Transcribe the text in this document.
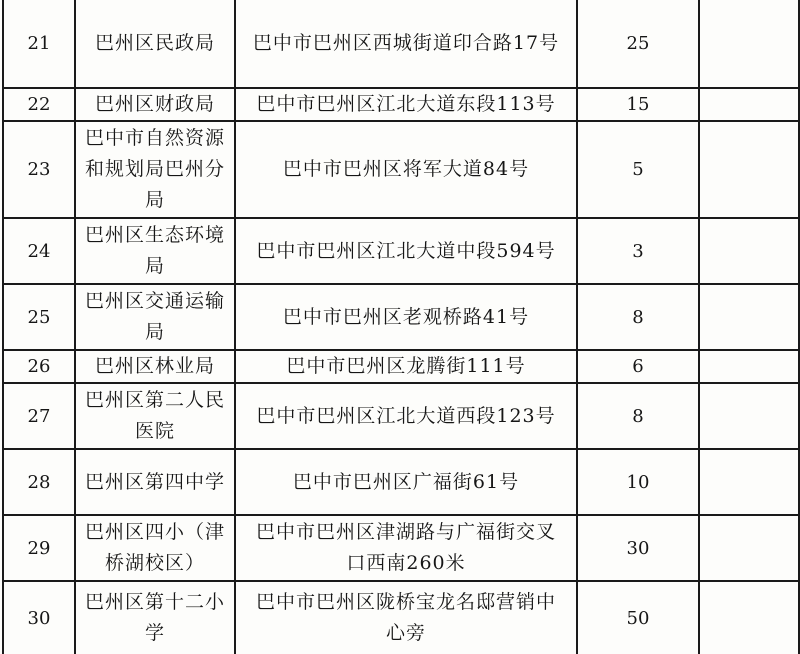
21	巴州区民政局	巴中市巴州区西城街道印合路17号	25	
22	巴州区财政局	巴中市巴州区江北大道东段113号	15	
23	巴中市自然资源和规划局巴州分局	巴中市巴州区将军大道84号	5	
24	巴州区生态环境局	巴中市巴州区江北大道中段594号	3	
25	巴州区交通运输局	巴中市巴州区老观桥路41号	8	
26	巴州区林业局	巴中市巴州区龙腾街111号	6	
27	巴州区第二人民医院	巴中市巴州区江北大道西段123号	8	
28	巴州区第四中学	巴中市巴州区广福街61号	10	
29	巴州区四小（津桥湖校区）	巴中市巴州区津湖路与广福街交叉口西南260米	30	
30	巴州区第十二小学	巴中市巴州区陇桥宝龙名邸营销中心旁	50	
